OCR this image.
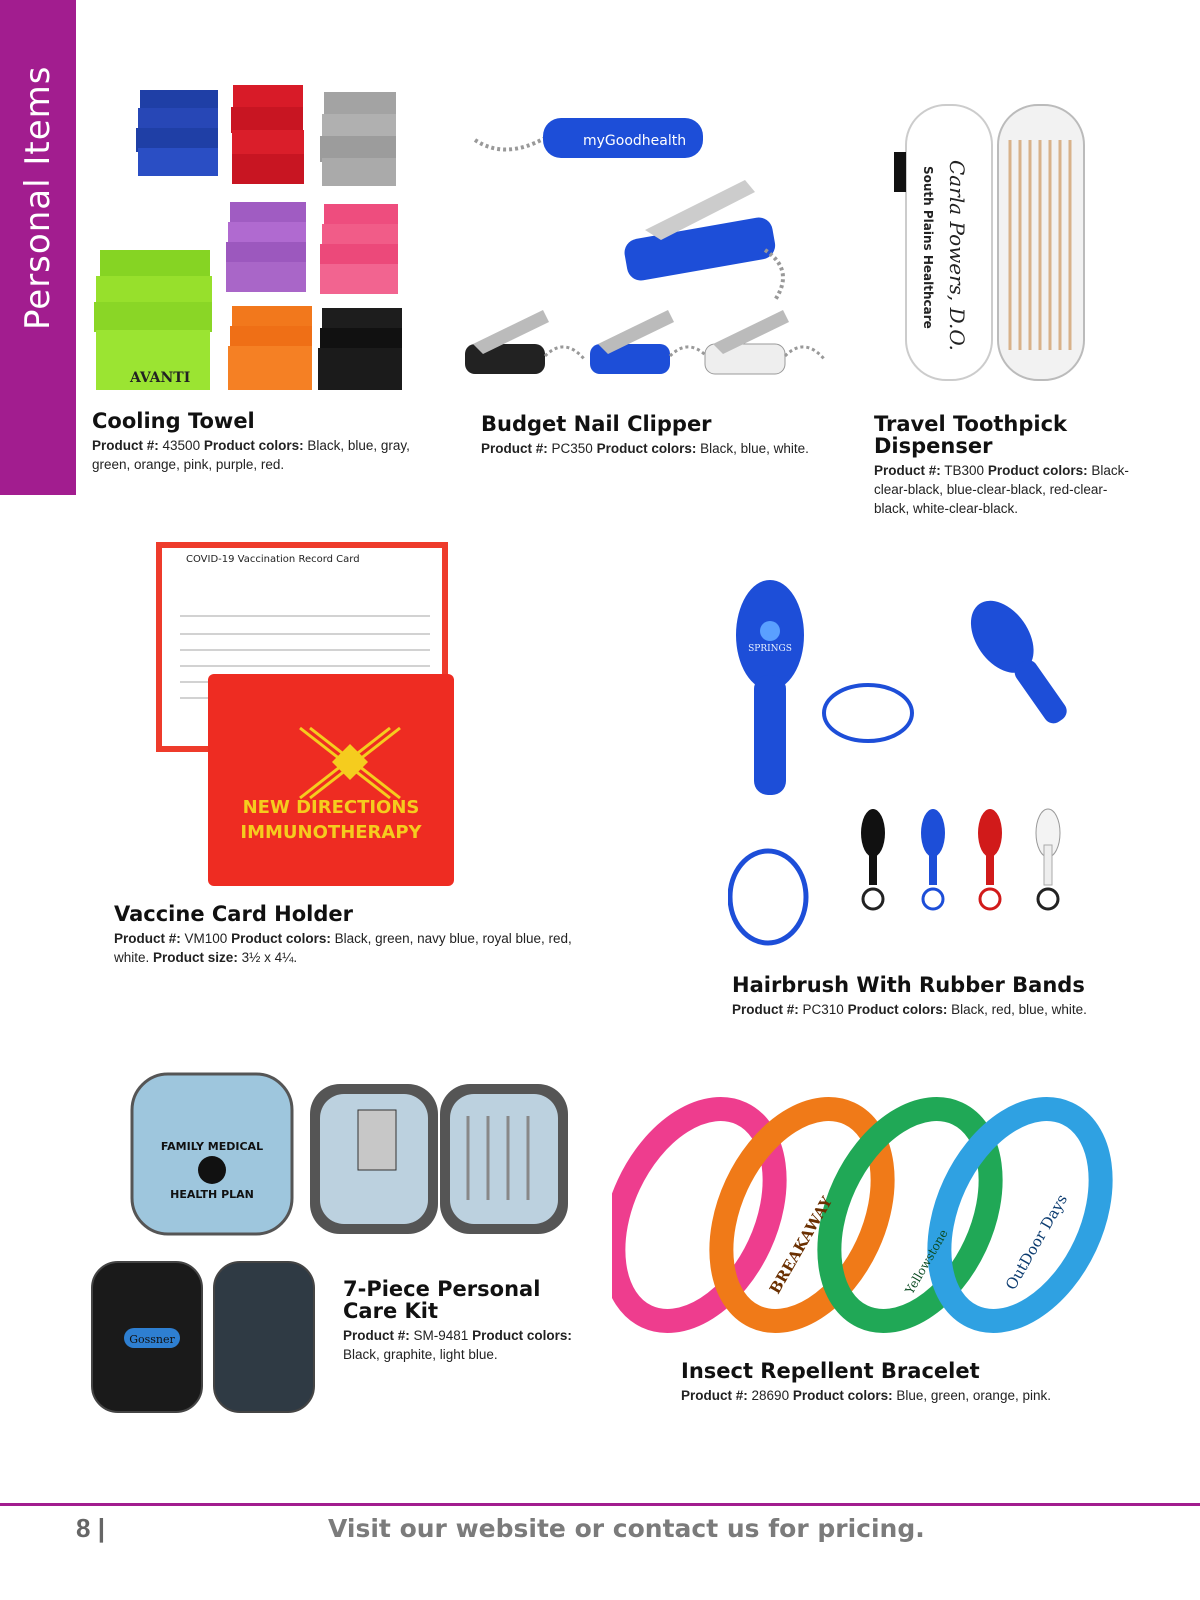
Personal Items
AVANTI
Cooling Towel
Product #: 43500 Product colors: Black, blue, gray, green, orange, pink, purple, red.
myGoodhealth
Budget Nail Clipper
Product #: PC350 Product colors: Black, blue, white.
Carla Powers, D.O.
South Plains Healthcare
Travel Toothpick Dispenser
Product #: TB300 Product colors: Black-clear-black, blue-clear-black, red-clear-black, white-clear-black.
COVID-19 Vaccination Record Card
NEW DIRECTIONS
IMMUNOTHERAPY
Vaccine Card Holder
Product #: VM100 Product colors: Black, green, navy blue, royal blue, red, white. Product size: 3½ x 4¼.
SPRINGS
Hairbrush With Rubber Bands
Product #: PC310 Product colors: Black, red, blue, white.
FAMILY MEDICAL
HEALTH PLAN
Gossner
7-Piece Personal Care Kit
Product #: SM-9481 Product colors: Black, graphite, light blue.
BREAKAWAY	Yellowstone	OutDoor Days
Insect Repellent Bracelet
Product #: 28690 Product colors: Blue, green, orange, pink.
8 |	Visit our website or contact us for pricing.
